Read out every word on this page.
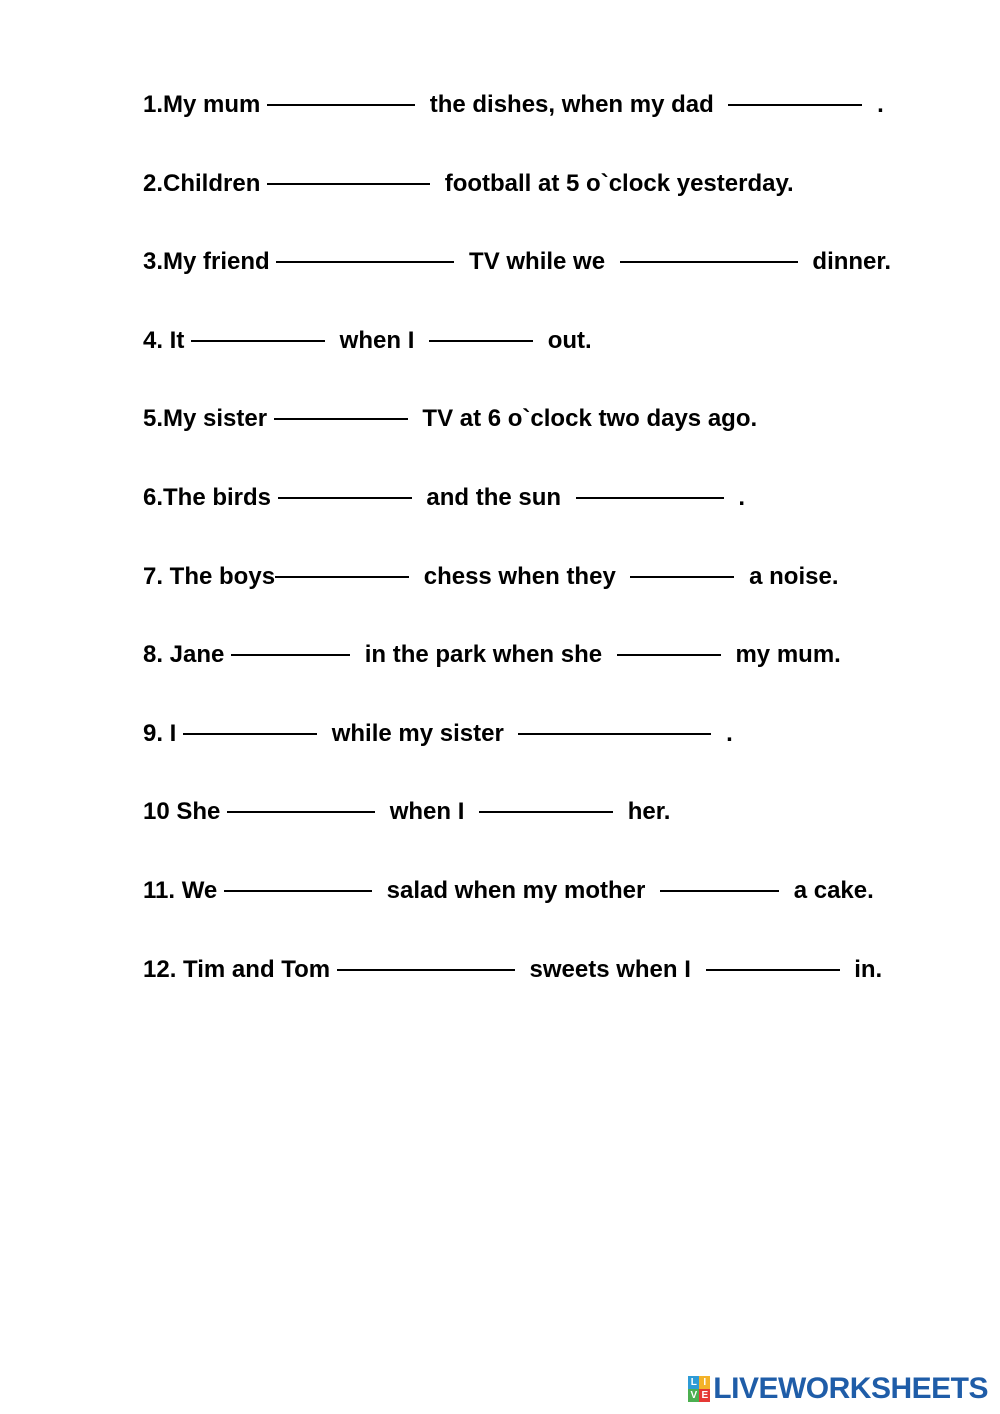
1.My mum	the dishes, when my dad	.
2.Children	football at 5 o`clock yesterday.
3.My friend	TV while we	dinner.
4. It	when I	out.
5.My sister	TV at 6 o`clock two days ago.
6.The birds	and the sun	.
7. The boys	chess when they	a noise.
8. Jane	in the park when she	my mum.
9. I	while my sister	.
10 She	when I	her.
11. We	salad when my mother	a cake.
12. Tim and Tom	sweets when I	in.
L I
V E LIVEWORKSHEETS
